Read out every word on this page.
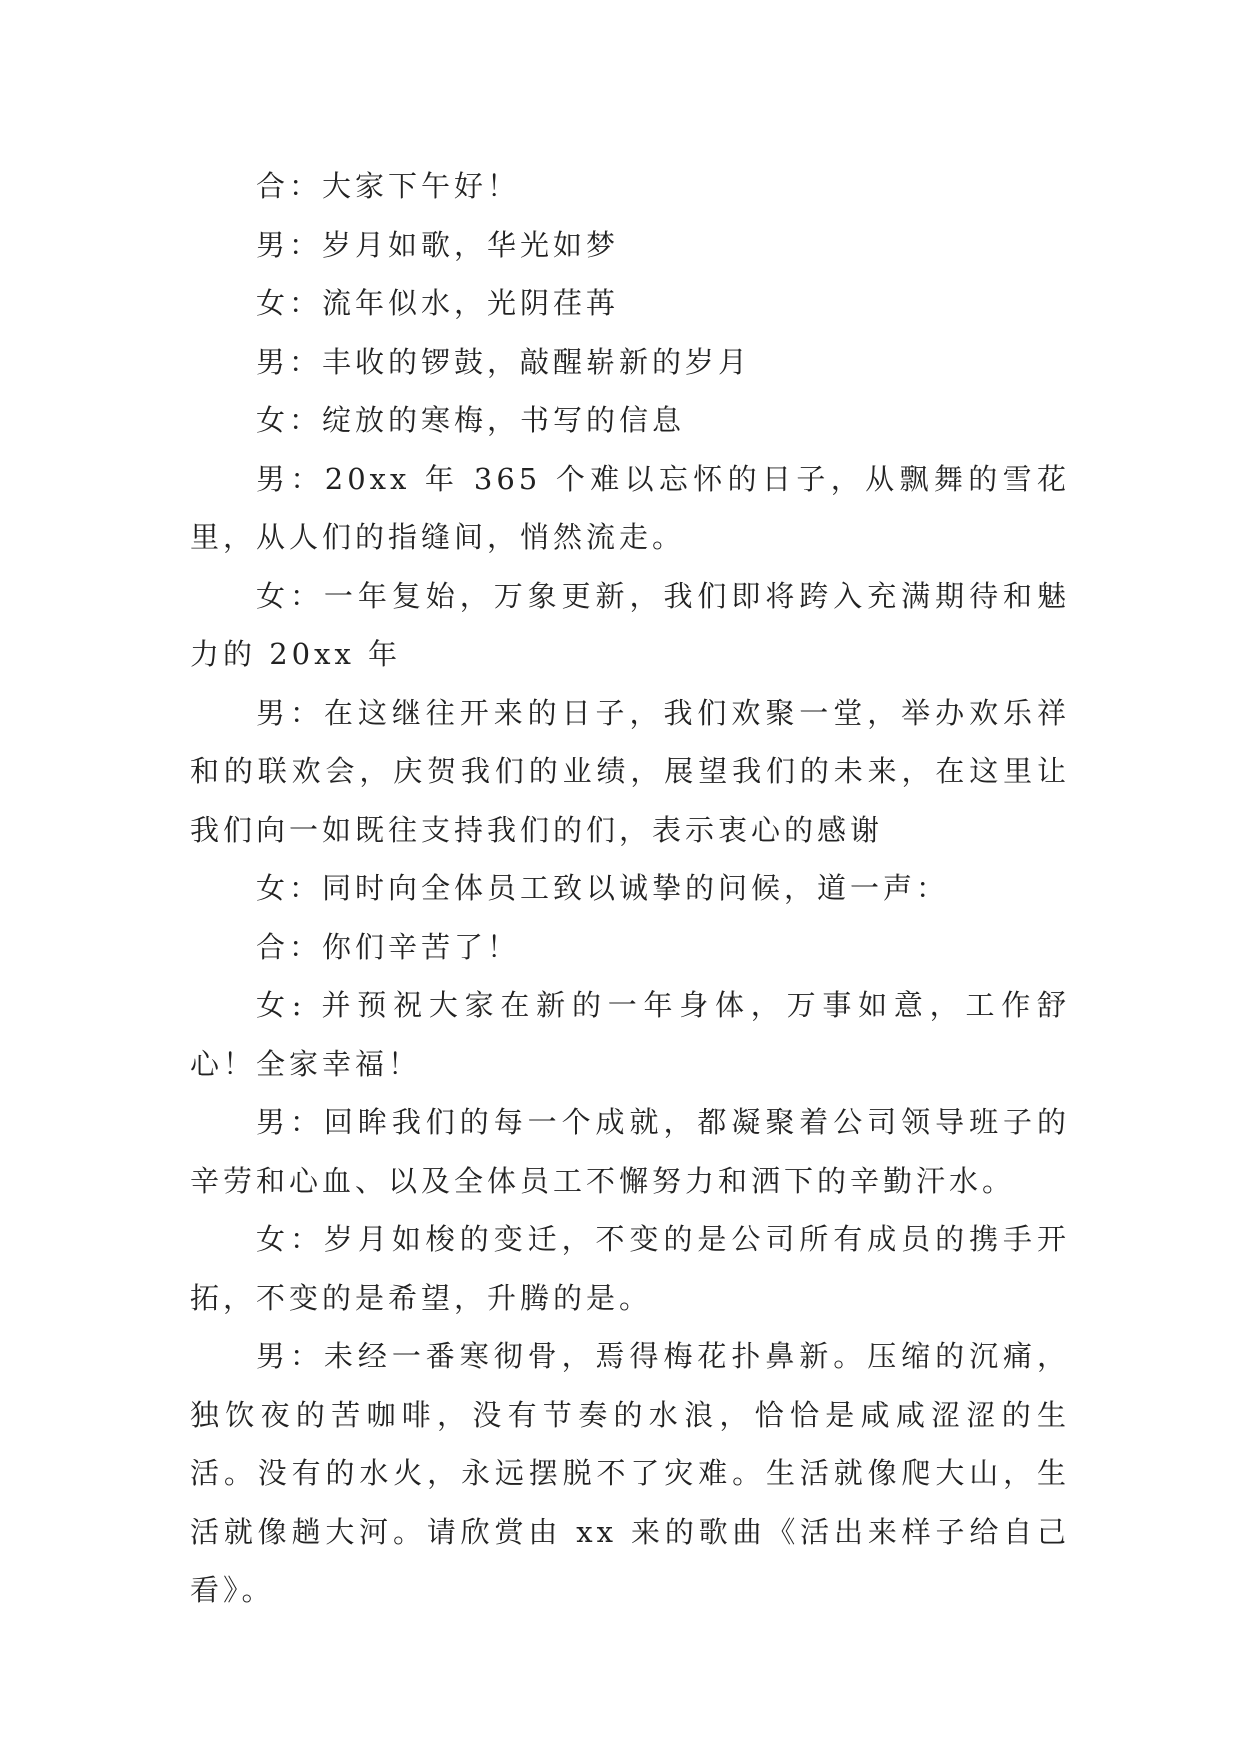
合：大家下午好！

男：岁月如歌，华光如梦

女：流年似水，光阴荏苒

男：丰收的锣鼓，敲醒崭新的岁月

女：绽放的寒梅，书写的信息

男：20xx 年 365 个难以忘怀的日子，从飘舞的雪花里，从人们的指缝间，悄然流走。

女：一年复始，万象更新，我们即将跨入充满期待和魅力的 20xx 年

男：在这继往开来的日子，我们欢聚一堂，举办欢乐祥和的联欢会，庆贺我们的业绩，展望我们的未来，在这里让我们向一如既往支持我们的们，表示衷心的感谢

女：同时向全体员工致以诚挚的问候，道一声：

合：你们辛苦了！

女: 并预祝大家在新的一年身体，万事如意，工作舒心！全家幸福！

男：回眸我们的每一个成就，都凝聚着公司领导班子的辛劳和心血、以及全体员工不懈努力和洒下的辛勤汗水。

女：岁月如梭的变迁，不变的是公司所有成员的携手开拓，不变的是希望，升腾的是。

男：未经一番寒彻骨，焉得梅花扑鼻新。压缩的沉痛，独饮夜的苦咖啡，没有节奏的水浪，恰恰是咸咸涩涩的生活。没有的水火，永远摆脱不了灾难。生活就像爬大山，生活就像趟大河。请欣赏由 xx 来的歌曲《活出来样子给自己看》。
